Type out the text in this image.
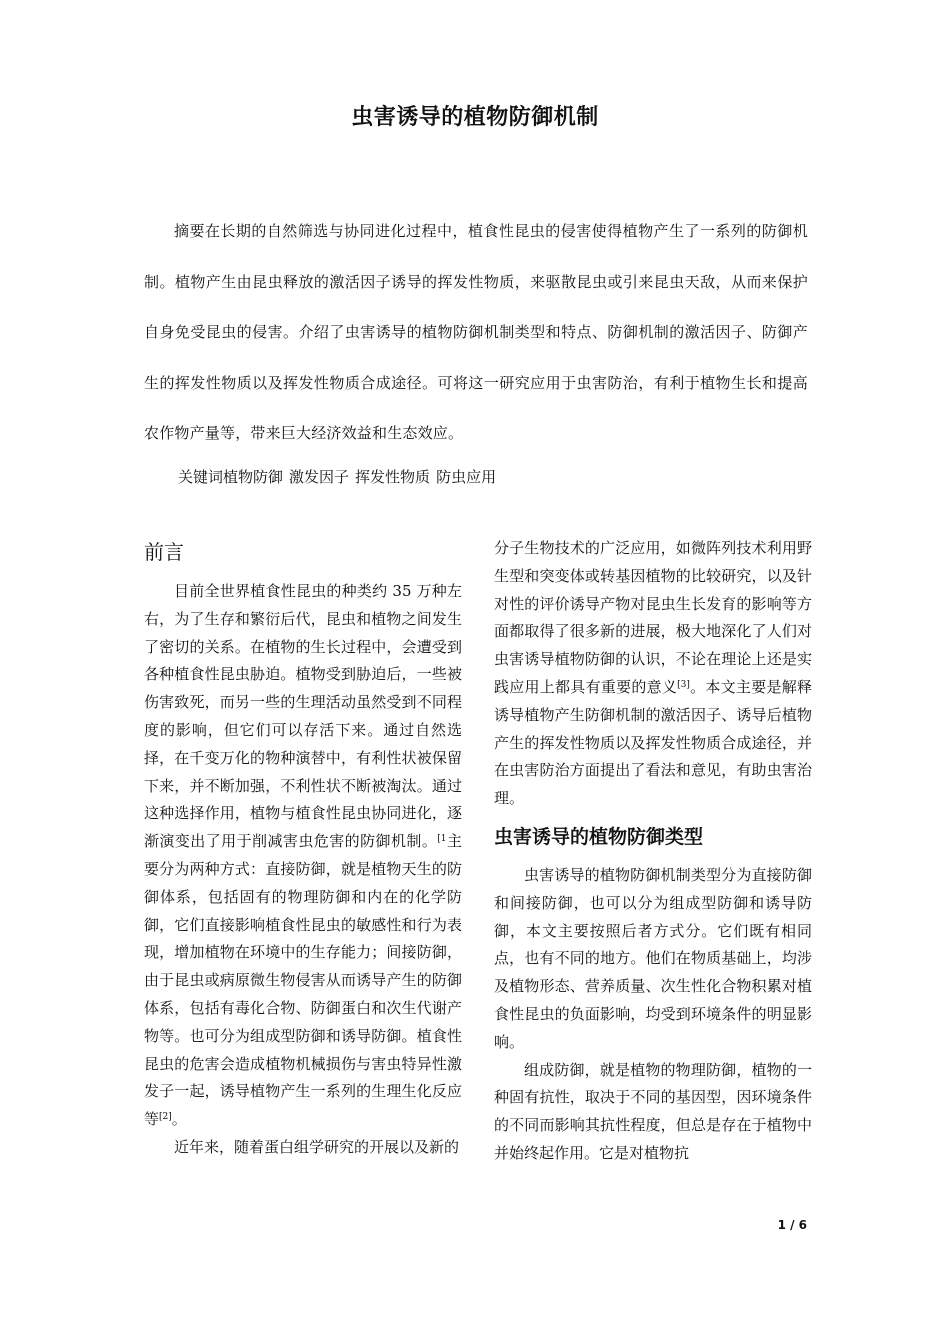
虫害诱导的植物防御机制

摘要在长期的自然筛选与协同进化过程中，植食性昆虫的侵害使得植物产生了一系列的防御机制。植物产生由昆虫释放的激活因子诱导的挥发性物质，来驱散昆虫或引来昆虫天敌，从而来保护自身免受昆虫的侵害。介绍了虫害诱导的植物防御机制类型和特点、防御机制的激活因子、防御产生的挥发性物质以及挥发性物质合成途径。可将这一研究应用于虫害防治，有利于植物生长和提高农作物产量等，带来巨大经济效益和生态效应。

关键词植物防御 激发因子 挥发性物质 防虫应用

前言

目前全世界植食性昆虫的种类约 35 万种左右，为了生存和繁衍后代，昆虫和植物之间发生了密切的关系。在植物的生长过程中，会遭受到各种植食性昆虫胁迫。植物受到胁迫后，一些被伤害致死，而另一些的生理活动虽然受到不同程度的影响，但它们可以存活下来。通过自然选择，在千变万化的物种演替中，有利性状被保留下来，并不断加强，不利性状不断被淘汰。通过这种选择作用，植物与植食性昆虫协同进化，逐渐演变出了用于削减害虫危害的防御机制。$^{[1}$主要分为两种方式：直接防御，就是植物天生的防御体系，包括固有的物理防御和内在的化学防御，它们直接影响植食性昆虫的敏感性和行为表现，增加植物在环境中的生存能力；间接防御，由于昆虫或病原微生物侵害从而诱导产生的防御体系，包括有毒化合物、防御蛋白和次生代谢产物等。也可分为组成型防御和诱导防御。植食性昆虫的危害会造成植物机械损伤与害虫特异性激发子一起，诱导植物产生一系列的生理生化反应等[2]。

近年来，随着蛋白组学研究的开展以及新的

分子生物技术的广泛应用，如微阵列技术利用野生型和突变体或转基因植物的比较研究，以及针对性的评价诱导产物对昆虫生长发育的影响等方面都取得了很多新的进展，极大地深化了人们对虫害诱导植物防御的认识，不论在理论上还是实践应用上都具有重要的意义[3]。本文主要是解释诱导植物产生防御机制的激活因子、诱导后植物产生的挥发性物质以及挥发性物质合成途径，并在虫害防治方面提出了看法和意见，有助虫害治理。

虫害诱导的植物防御类型

虫害诱导的植物防御机制类型分为直接防御和间接防御，也可以分为组成型防御和诱导防御，本文主要按照后者方式分。它们既有相同点，也有不同的地方。他们在物质基础上，均涉及植物形态、营养质量、次生性化合物积累对植食性昆虫的负面影响，均受到环境条件的明显影响。

组成防御，就是植物的物理防御，植物的一种固有抗性，取决于不同的基因型，因环境条件的不同而影响其抗性程度，但总是存在于植物中并始终起作用。它是对植物抗

1 / 6
